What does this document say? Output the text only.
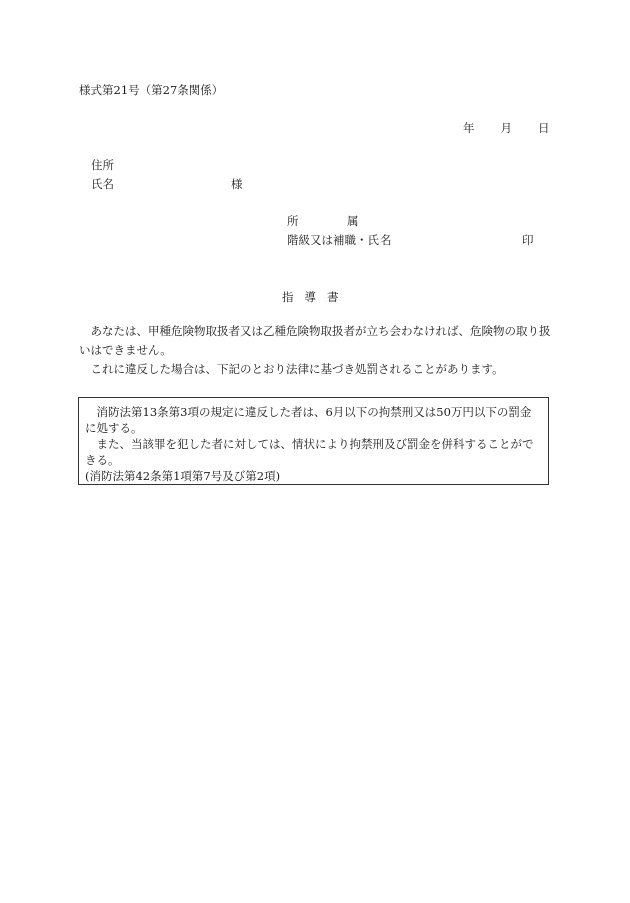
様式第21号（第27条関係）
年 月 日
住所
氏名	様
所	属
階級又は補職・氏 名	印
指導書
あなたは、甲種危険物取扱者又は乙種危険物取扱者が立ち会わなければ、危険物の取り扱いはできません。
これに違反した場合は、下記のとおり法律に基づき処罰されることがあります。
消防法第13条第3項の規定に違反した者は、6月以下の拘禁刑又は50万円以下の罰金に処する。
また、当該罪を犯した者に対しては、情状により拘禁刑及び罰金を併科することができる。
(消防法第42条第1項第7号及び第2項)
